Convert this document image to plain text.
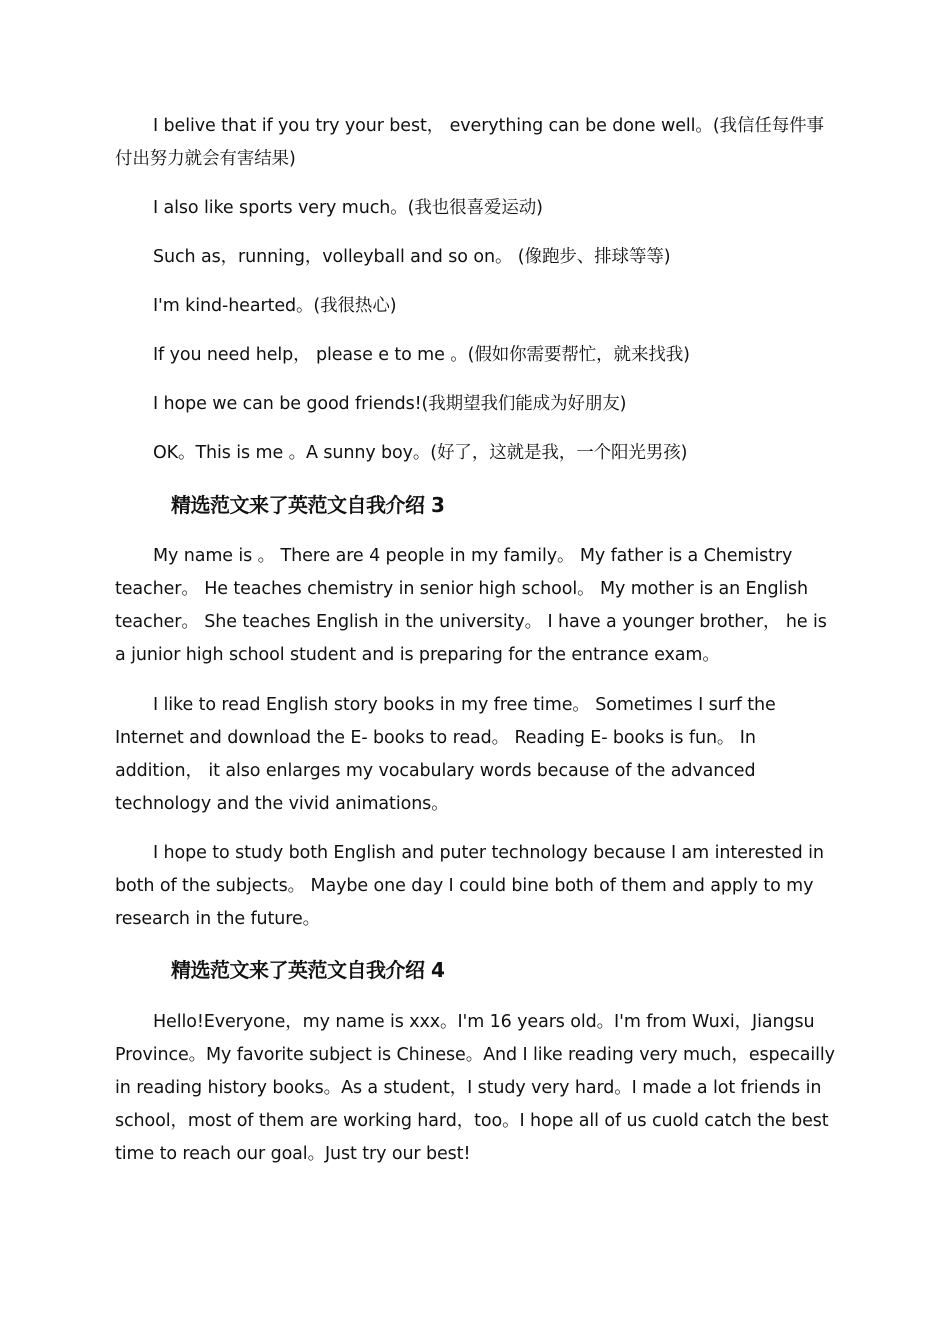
I belive that if you try your best， everything can be done well。(我信任每件事付出努力就会有害结果)

I also like sports very much。(我也很喜爱运动)

Such as，running，volleyball and so on。 (像跑步、排球等等)

I'm kind-hearted。(我很热心)

If you need help， please e to me 。(假如你需要帮忙，就来找我)

I hope we can be good friends!(我期望我们能成为好朋友)

OK。This is me 。A sunny boy。(好了，这就是我，一个阳光男孩)

精选范文来了英范文自我介绍 3

My name is 。 There are 4 people in my family。 My father is a Chemistry teacher。 He teaches chemistry in senior high school。 My mother is an English teacher。 She teaches English in the university。 I have a younger brother， he is a junior high school student and is preparing for the entrance exam。

I like to read English story books in my free time。 Sometimes I surf the Internet and download the E- books to read。 Reading E- books is fun。 In addition， it also enlarges my vocabulary words because of the advanced technology and the vivid animations。

I hope to study both English and puter technology because I am interested in both of the subjects。 Maybe one day I could bine both of them and apply to my research in the future。

精选范文来了英范文自我介绍 4

Hello!Everyone，my name is xxx。I'm 16 years old。I'm from Wuxi，Jiangsu Province。My favorite subject is Chinese。And I like reading very much，especailly in reading history books。As a student，I study very hard。I made a lot friends in school，most of them are working hard，too。I hope all of us cuold catch the best time to reach our goal。Just try our best!
